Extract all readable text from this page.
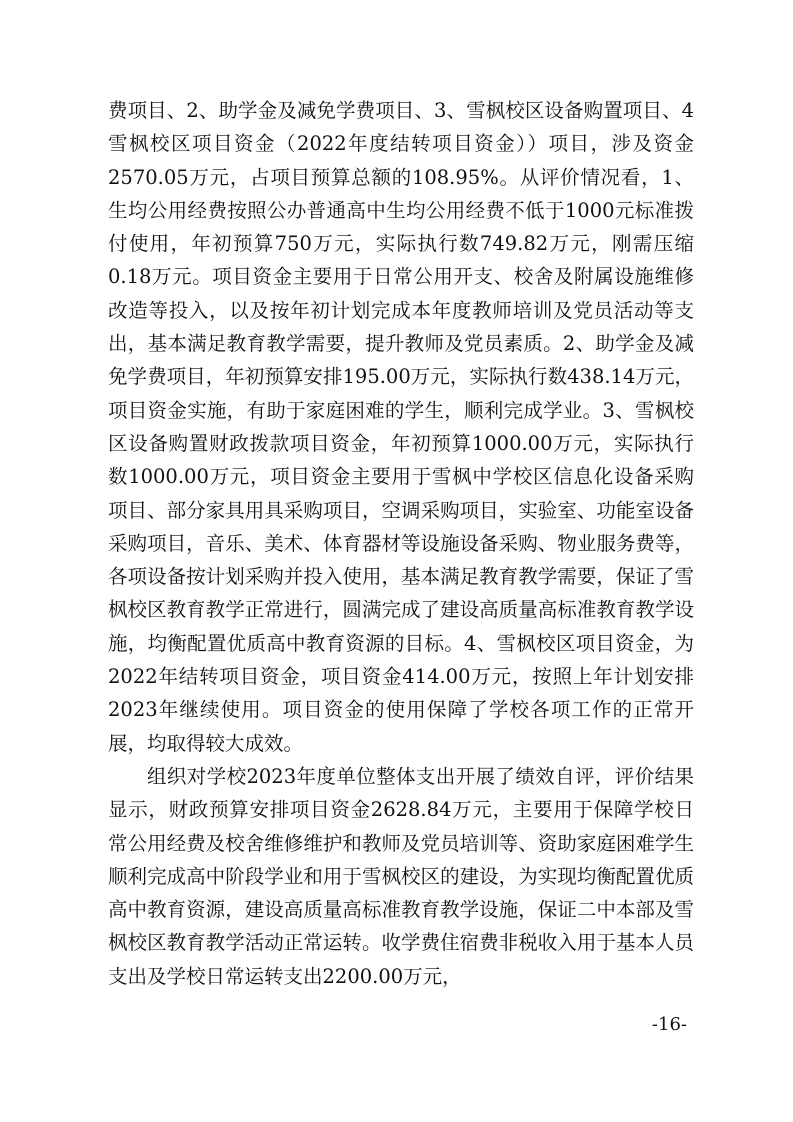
费项目、2、助学金及减免学费项目、3、雪枫校区设备购置项目、4雪枫校区项目资金（2022年度结转项目资金））项目，涉及资金2570.05万元，占项目预算总额的108.95%。从评价情况看，1、生均公用经费按照公办普通高中生均公用经费不低于1000元标准拨付使用，年初预算750万元，实际执行数749.82万元，刚需压缩0.18万元。项目资金主要用于日常公用开支、校舍及附属设施维修改造等投入，以及按年初计划完成本年度教师培训及党员活动等支出，基本满足教育教学需要，提升教师及党员素质。2、助学金及减免学费项目，年初预算安排195.00万元，实际执行数438.14万元，项目资金实施，有助于家庭困难的学生，顺利完成学业。3、雪枫校区设备购置财政拨款项目资金，年初预算1000.00万元，实际执行数1000.00万元，项目资金主要用于雪枫中学校区信息化设备采购项目、部分家具用具采购项目，空调采购项目，实验室、功能室设备采购项目，音乐、美术、体育器材等设施设备采购、物业服务费等，各项设备按计划采购并投入使用，基本满足教育教学需要，保证了雪枫校区教育教学正常进行，圆满完成了建设高质量高标准教育教学设施，均衡配置优质高中教育资源的目标。4、雪枫校区项目资金，为2022年结转项目资金，项目资金414.00万元，按照上年计划安排2023年继续使用。项目资金的使用保障了学校各项工作的正常开展，均取得较大成效。

组织对学校2023年度单位整体支出开展了绩效自评，评价结果显示，财政预算安排项目资金2628.84万元，主要用于保障学校日常公用经费及校舍维修维护和教师及党员培训等、资助家庭困难学生顺利完成高中阶段学业和用于雪枫校区的建设，为实现均衡配置优质高中教育资源，建设高质量高标准教育教学设施，保证二中本部及雪枫校区教育教学活动正常运转。收学费住宿费非税收入用于基本人员支出及学校日常运转支出2200.00万元，

-16-
